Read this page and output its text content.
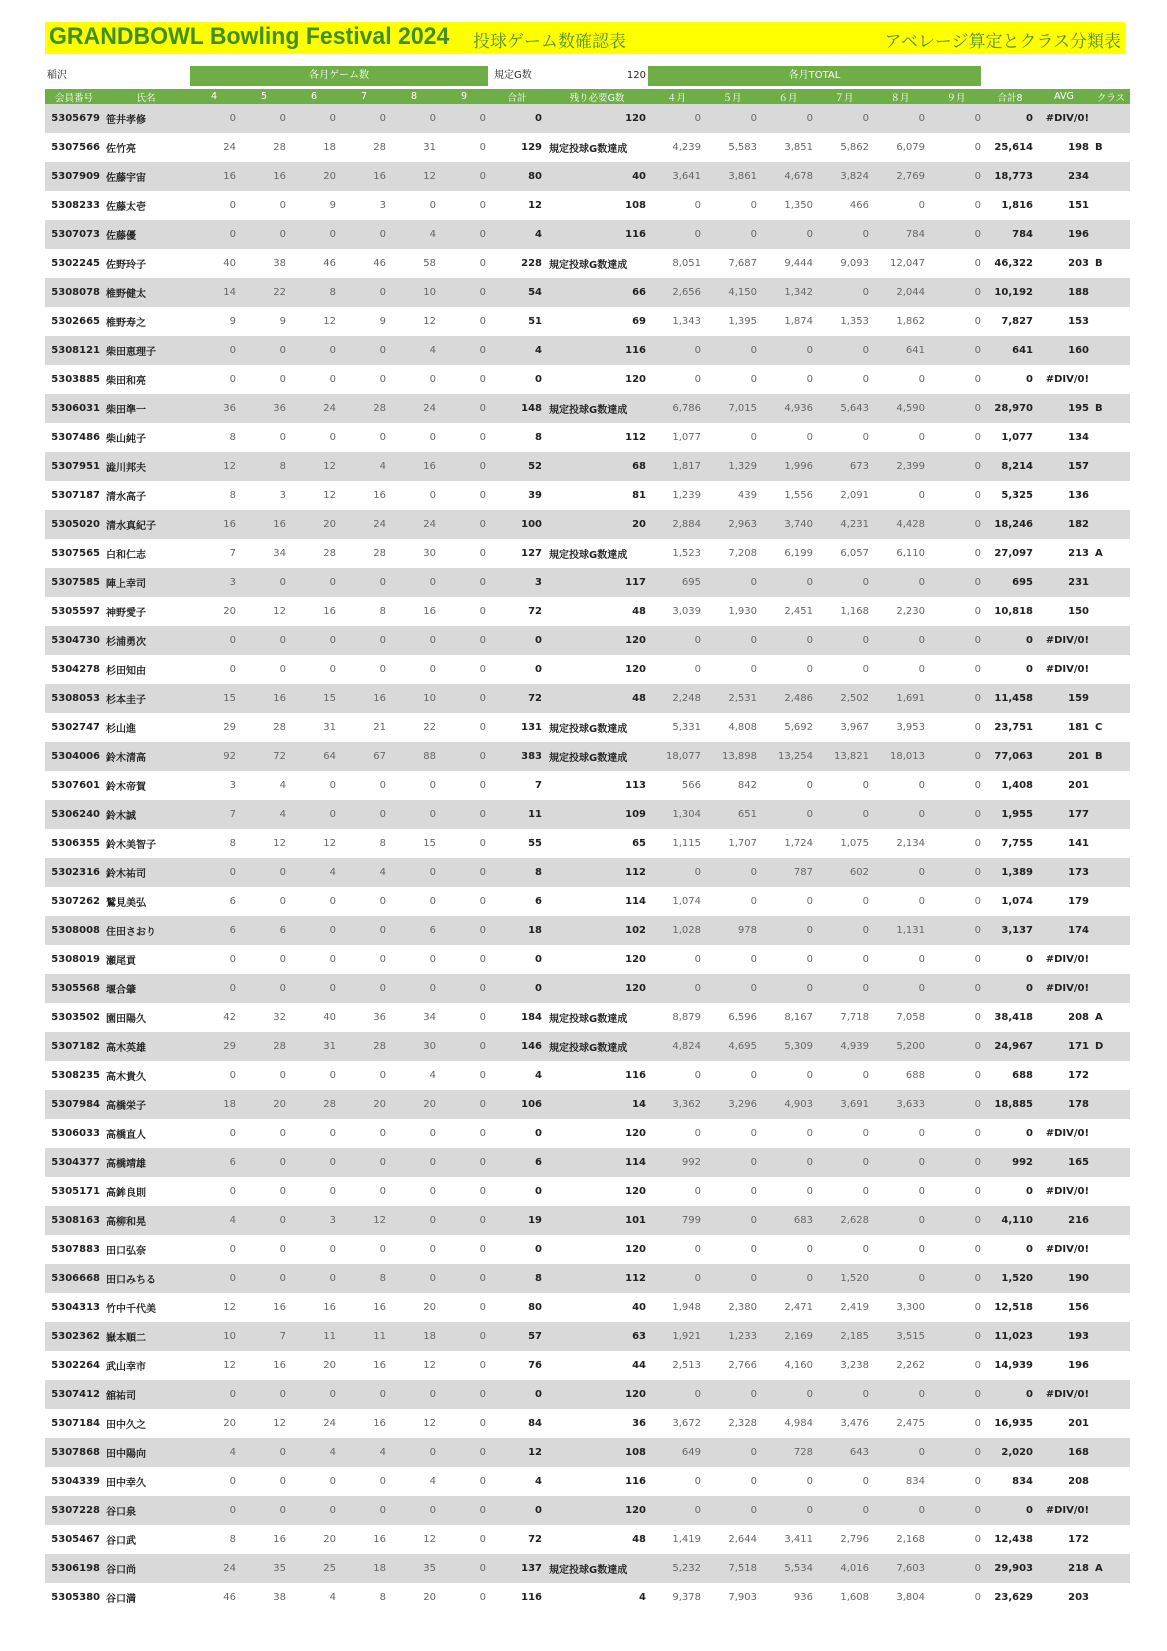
GRANDBOWL Bowling Festival 2024 投球ゲーム数確認表	アベレージ算定とクラス分類表
稲沢	各月ゲーム数	規定G数	120	各月TOTAL
会員番号	氏名	4	5	6	7	8	9	合計	残り必要G数	４月	５月	６月	７月	８月	９月	合計8	AVG	クラス
5305679	笹井孝修	0	0	0	0	0	0	0	120	0	0	0	0	0	0	0	#DIV/0!	
5307566	佐竹亮	24	28	18	28	31	0	129	規定投球G数達成	4,239	5,583	3,851	5,862	6,079	0	25,614	198	B
5307909	佐藤宇宙	16	16	20	16	12	0	80	40	3,641	3,861	4,678	3,824	2,769	0	18,773	234	
5308233	佐藤太壱	0	0	9	3	0	0	12	108	0	0	1,350	466	0	0	1,816	151	
5307073	佐藤優	0	0	0	0	4	0	4	116	0	0	0	0	784	0	784	196	
5302245	佐野玲子	40	38	46	46	58	0	228	規定投球G数達成	8,051	7,687	9,444	9,093	12,047	0	46,322	203	B
5308078	椎野健太	14	22	8	0	10	0	54	66	2,656	4,150	1,342	0	2,044	0	10,192	188	
5302665	椎野寿之	9	9	12	9	12	0	51	69	1,343	1,395	1,874	1,353	1,862	0	7,827	153	
5308121	柴田恵理子	0	0	0	0	4	0	4	116	0	0	0	0	641	0	641	160	
5303885	柴田和亮	0	0	0	0	0	0	0	120	0	0	0	0	0	0	0	#DIV/0!	
5306031	柴田準一	36	36	24	28	24	0	148	規定投球G数達成	6,786	7,015	4,936	5,643	4,590	0	28,970	195	B
5307486	柴山純子	8	0	0	0	0	0	8	112	1,077	0	0	0	0	0	1,077	134	
5307951	澁川邦夫	12	8	12	4	16	0	52	68	1,817	1,329	1,996	673	2,399	0	8,214	157	
5307187	清水高子	8	3	12	16	0	0	39	81	1,239	439	1,556	2,091	0	0	5,325	136	
5305020	清水真紀子	16	16	20	24	24	0	100	20	2,884	2,963	3,740	4,231	4,428	0	18,246	182	
5307565	白和仁志	7	34	28	28	30	0	127	規定投球G数達成	1,523	7,208	6,199	6,057	6,110	0	27,097	213	A
5307585	陣上幸司	3	0	0	0	0	0	3	117	695	0	0	0	0	0	695	231	
5305597	神野愛子	20	12	16	8	16	0	72	48	3,039	1,930	2,451	1,168	2,230	0	10,818	150	
5304730	杉浦勇次	0	0	0	0	0	0	0	120	0	0	0	0	0	0	0	#DIV/0!	
5304278	杉田知由	0	0	0	0	0	0	0	120	0	0	0	0	0	0	0	#DIV/0!	
5308053	杉本圭子	15	16	15	16	10	0	72	48	2,248	2,531	2,486	2,502	1,691	0	11,458	159	
5302747	杉山進	29	28	31	21	22	0	131	規定投球G数達成	5,331	4,808	5,692	3,967	3,953	0	23,751	181	C
5304006	鈴木清高	92	72	64	67	88	0	383	規定投球G数達成	18,077	13,898	13,254	13,821	18,013	0	77,063	201	B
5307601	鈴木帝賀	3	4	0	0	0	0	7	113	566	842	0	0	0	0	1,408	201	
5306240	鈴木誠	7	4	0	0	0	0	11	109	1,304	651	0	0	0	0	1,955	177	
5306355	鈴木美智子	8	12	12	8	15	0	55	65	1,115	1,707	1,724	1,075	2,134	0	7,755	141	
5302316	鈴木祐司	0	0	4	4	0	0	8	112	0	0	787	602	0	0	1,389	173	
5307262	鷲見美弘	6	0	0	0	0	0	6	114	1,074	0	0	0	0	0	1,074	179	
5308008	住田さおり	6	6	0	0	6	0	18	102	1,028	978	0	0	1,131	0	3,137	174	
5308019	瀬尾貢	0	0	0	0	0	0	0	120	0	0	0	0	0	0	0	#DIV/0!	
5305568	堰合肇	0	0	0	0	0	0	0	120	0	0	0	0	0	0	0	#DIV/0!	
5303502	園田陽久	42	32	40	36	34	0	184	規定投球G数達成	8,879	6,596	8,167	7,718	7,058	0	38,418	208	A
5307182	高木英雄	29	28	31	28	30	0	146	規定投球G数達成	4,824	4,695	5,309	4,939	5,200	0	24,967	171	D
5308235	高木貴久	0	0	0	0	4	0	4	116	0	0	0	0	688	0	688	172	
5307984	高橋栄子	18	20	28	20	20	0	106	14	3,362	3,296	4,903	3,691	3,633	0	18,885	178	
5306033	高橋直人	0	0	0	0	0	0	0	120	0	0	0	0	0	0	0	#DIV/0!	
5304377	高橋靖雄	6	0	0	0	0	0	6	114	992	0	0	0	0	0	992	165	
5305171	高鉾良則	0	0	0	0	0	0	0	120	0	0	0	0	0	0	0	#DIV/0!	
5308163	高柳和晃	4	0	3	12	0	0	19	101	799	0	683	2,628	0	0	4,110	216	
5307883	田口弘奈	0	0	0	0	0	0	0	120	0	0	0	0	0	0	0	#DIV/0!	
5306668	田口みちる	0	0	0	8	0	0	8	112	0	0	0	1,520	0	0	1,520	190	
5304313	竹中千代美	12	16	16	16	20	0	80	40	1,948	2,380	2,471	2,419	3,300	0	12,518	156	
5302362	嶽本順二	10	7	11	11	18	0	57	63	1,921	1,233	2,169	2,185	3,515	0	11,023	193	
5302264	武山幸市	12	16	20	16	12	0	76	44	2,513	2,766	4,160	3,238	2,262	0	14,939	196	
5307412	舘祐司	0	0	0	0	0	0	0	120	0	0	0	0	0	0	0	#DIV/0!	
5307184	田中久之	20	12	24	16	12	0	84	36	3,672	2,328	4,984	3,476	2,475	0	16,935	201	
5307868	田中陽向	4	0	4	4	0	0	12	108	649	0	728	643	0	0	2,020	168	
5304339	田中幸久	0	0	0	0	4	0	4	116	0	0	0	0	834	0	834	208	
5307228	谷口泉	0	0	0	0	0	0	0	120	0	0	0	0	0	0	0	#DIV/0!	
5305467	谷口武	8	16	20	16	12	0	72	48	1,419	2,644	3,411	2,796	2,168	0	12,438	172	
5306198	谷口尚	24	35	25	18	35	0	137	規定投球G数達成	5,232	7,518	5,534	4,016	7,603	0	29,903	218	A
5305380	谷口満	46	38	4	8	20	0	116	4	9,378	7,903	936	1,608	3,804	0	23,629	203	
